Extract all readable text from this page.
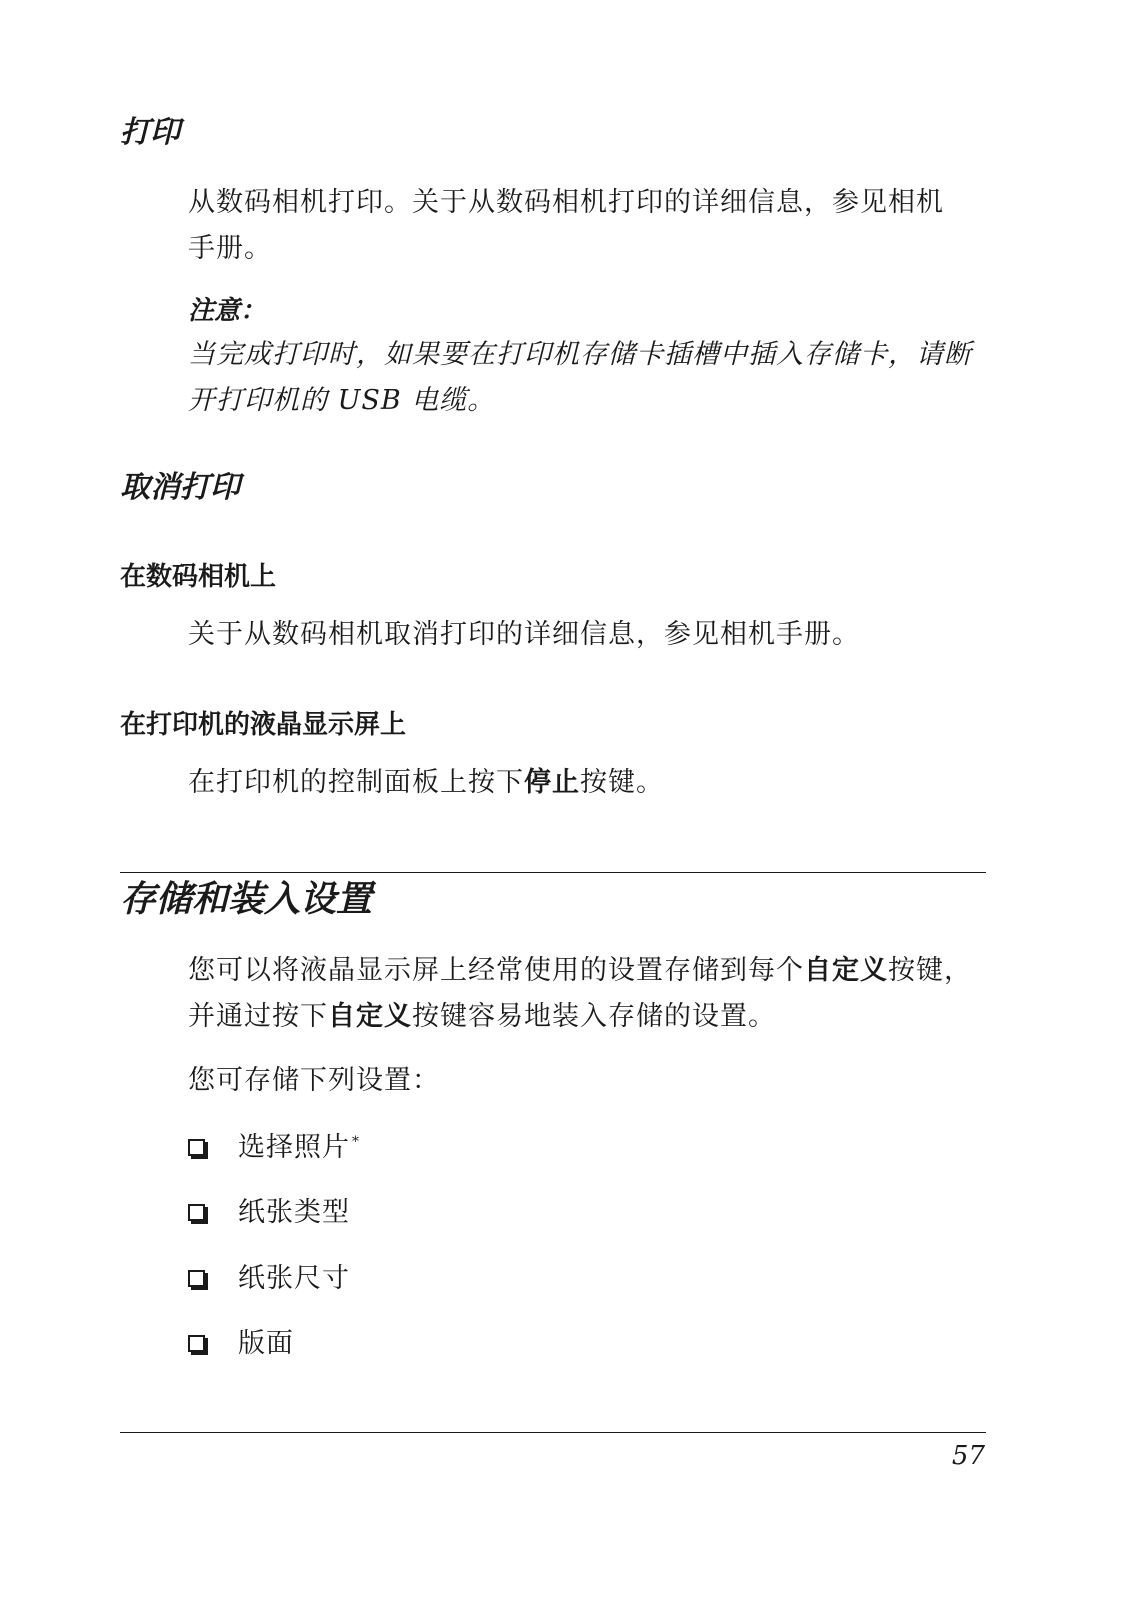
打印
从数码相机打印。关于从数码相机打印的详细信息，参见相机
手册。
注意：
当完成打印时，如果要在打印机存储卡插槽中插入存储卡，请断
开打印机的 USB 电缆。
取消打印
在数码相机上
关于从数码相机取消打印的详细信息，参见相机手册。
在打印机的液晶显示屏上
在打印机的控制面板上按下停止按键。
存储和装入设置
您可以将液晶显示屏上经常使用的设置存储到每个自定义按键，
并通过按下自定义按键容易地装入存储的设置。
您可存储下列设置：
选择照片 *
纸张类型
纸张尺寸
版面
57
